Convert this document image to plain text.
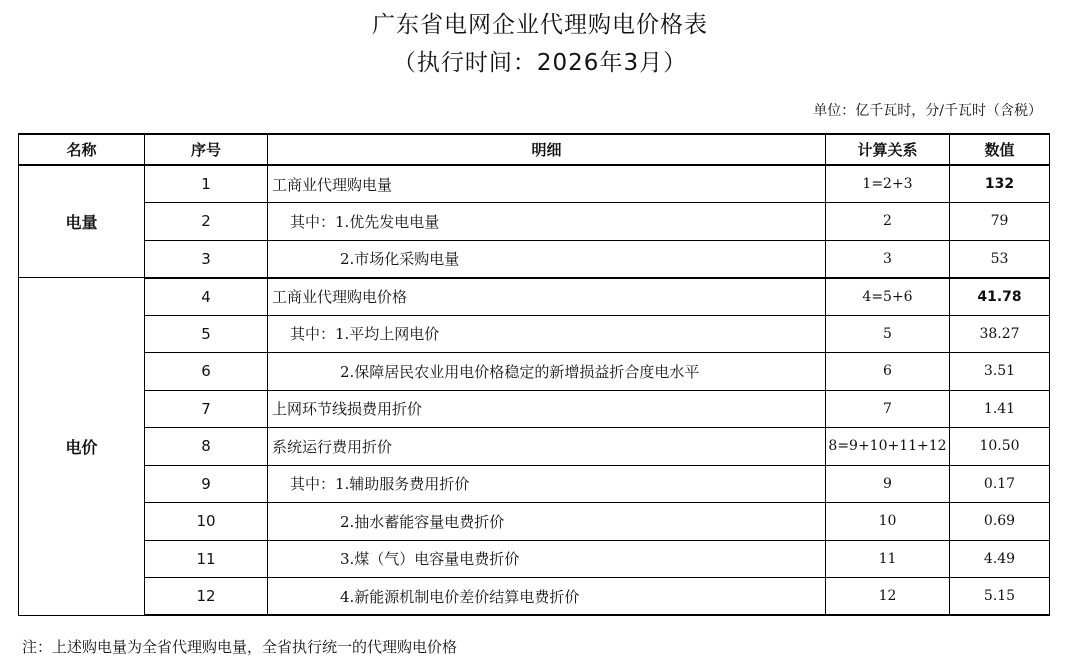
广东省电网企业代理购电价格表
（执行时间：2026年3月）
单位：亿千瓦时，分/千瓦时（含税）
名称	序号	明细	计算关系	数值
电量	1	工商业代理购电量	1=2+3	132
	2	其中：1.优先发电电量	2	79
	3	2.市场化采购电量	3	53
电价	4	工商业代理购电价格	4=5+6	41.78
	5	其中：1.平均上网电价	5	38.27
	6	2.保障居民农业用电价格稳定的新增损益折合度电水平	6	3.51
	7	上网环节线损费用折价	7	1.41
	8	系统运行费用折价	8=9+10+11+12	10.50
	9	其中：1.辅助服务费用折价	9	0.17
	10	2.抽水蓄能容量电费折价	10	0.69
	11	3.煤（气）电容量电费折价	11	4.49
	12	4.新能源机制电价差价结算电费折价	12	5.15
注：上述购电量为全省代理购电量，全省执行统一的代理购电价格
